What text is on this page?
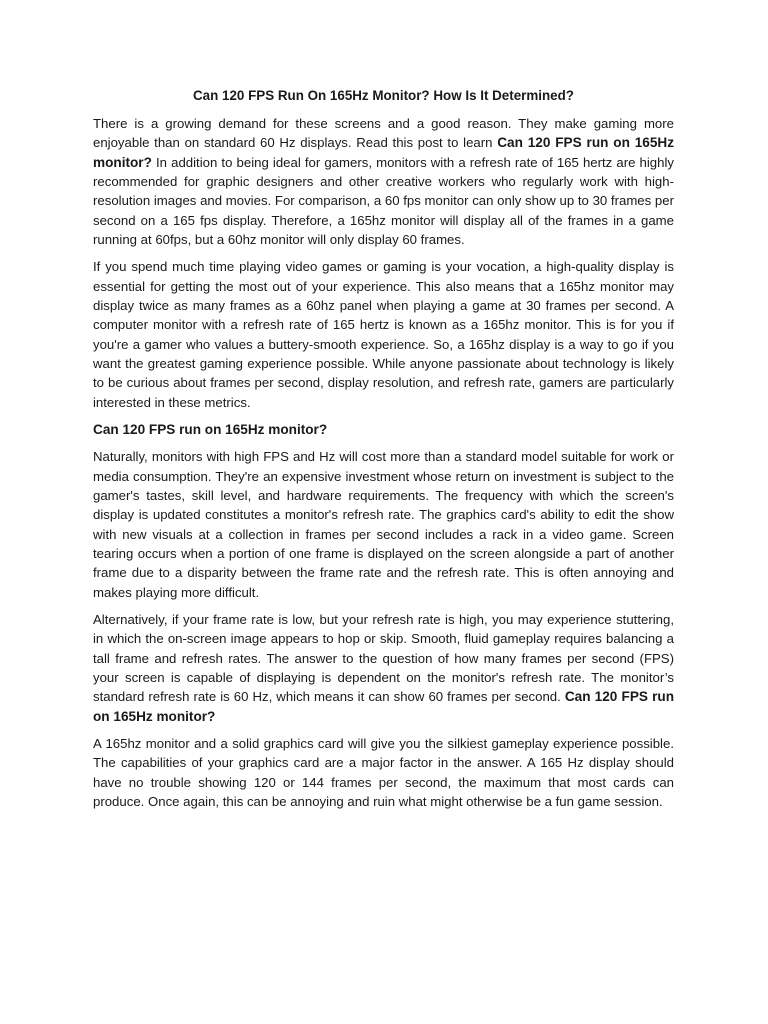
Can 120 FPS Run On 165Hz Monitor? How Is It Determined?

There is a growing demand for these screens and a good reason. They make gaming more enjoyable than on standard 60 Hz displays. Read this post to learn Can 120 FPS run on 165Hz monitor? In addition to being ideal for gamers, monitors with a refresh rate of 165 hertz are highly recommended for graphic designers and other creative workers who regularly work with high-resolution images and movies. For comparison, a 60 fps monitor can only show up to 30 frames per second on a 165 fps display. Therefore, a 165hz monitor will display all of the frames in a game running at 60fps, but a 60hz monitor will only display 60 frames.

If you spend much time playing video games or gaming is your vocation, a high-quality display is essential for getting the most out of your experience. This also means that a 165hz monitor may display twice as many frames as a 60hz panel when playing a game at 30 frames per second. A computer monitor with a refresh rate of 165 hertz is known as a 165hz monitor. This is for you if you're a gamer who values a buttery-smooth experience. So, a 165hz display is a way to go if you want the greatest gaming experience possible. While anyone passionate about technology is likely to be curious about frames per second, display resolution, and refresh rate, gamers are particularly interested in these metrics.

Can 120 FPS run on 165Hz monitor?

Naturally, monitors with high FPS and Hz will cost more than a standard model suitable for work or media consumption. They're an expensive investment whose return on investment is subject to the gamer's tastes, skill level, and hardware requirements. The frequency with which the screen's display is updated constitutes a monitor's refresh rate. The graphics card's ability to edit the show with new visuals at a collection in frames per second includes a rack in a video game. Screen tearing occurs when a portion of one frame is displayed on the screen alongside a part of another frame due to a disparity between the frame rate and the refresh rate. This is often annoying and makes playing more difficult.

Alternatively, if your frame rate is low, but your refresh rate is high, you may experience stuttering, in which the on-screen image appears to hop or skip. Smooth, fluid gameplay requires balancing a tall frame and refresh rates. The answer to the question of how many frames per second (FPS) your screen is capable of displaying is dependent on the monitor's refresh rate. The monitor’s standard refresh rate is 60 Hz, which means it can show 60 frames per second. Can 120 FPS run on 165Hz monitor?

A 165hz monitor and a solid graphics card will give you the silkiest gameplay experience possible. The capabilities of your graphics card are a major factor in the answer. A 165 Hz display should have no trouble showing 120 or 144 frames per second, the maximum that most cards can produce. Once again, this can be annoying and ruin what might otherwise be a fun game session.
